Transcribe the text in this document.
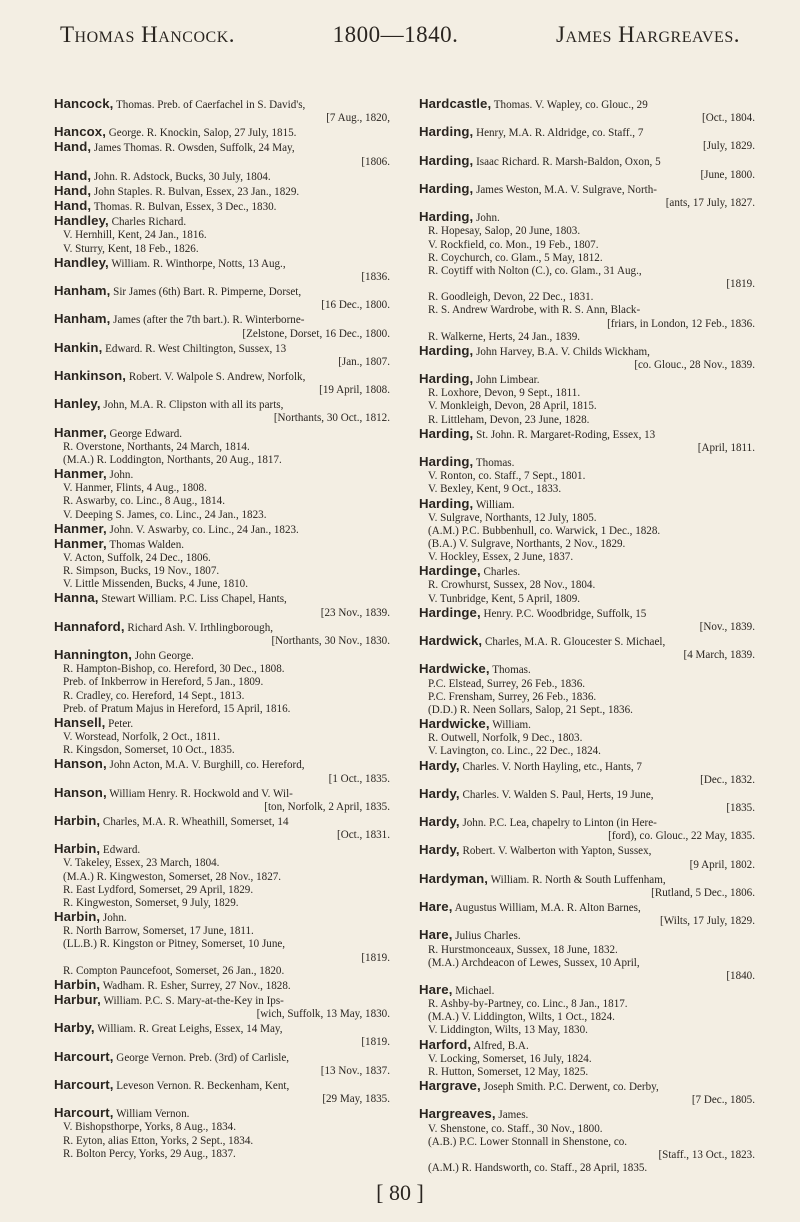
Thomas Hancock.	1800—1840.	James Hargreaves.
Hancock, Thomas. Preb. of Caerfachel in S. David's,
[7 Aug., 1820,
Hancox, George. R. Knockin, Salop, 27 July, 1815.
Hand, James Thomas. R. Owsden, Suffolk, 24 May,
[1806.
Hand, John. R. Adstock, Bucks, 30 July, 1804.
Hand, John Staples. R. Bulvan, Essex, 23 Jan., 1829.
Hand, Thomas. R. Bulvan, Essex, 3 Dec., 1830.
Handley, Charles Richard.
V. Hernhill, Kent, 24 Jan., 1816.
V. Sturry, Kent, 18 Feb., 1826.
Handley, William. R. Winthorpe, Notts, 13 Aug.,
[1836.
Hanham, Sir James (6th) Bart. R. Pimperne, Dorset,
[16 Dec., 1800.
Hanham, James (after the 7th bart.). R. Winterborne-
[Zelstone, Dorset, 16 Dec., 1800.
Hankin, Edward. R. West Chiltington, Sussex, 13
[Jan., 1807.
Hankinson, Robert. V. Walpole S. Andrew, Norfolk,
[19 April, 1808.
Hanley, John, M.A. R. Clipston with all its parts,
[Northants, 30 Oct., 1812.
Hanmer, George Edward.
R. Overstone, Northants, 24 March, 1814.
(M.A.) R. Loddington, Northants, 20 Aug., 1817.
Hanmer, John.
V. Hanmer, Flints, 4 Aug., 1808.
R. Aswarby, co. Linc., 8 Aug., 1814.
V. Deeping S. James, co. Linc., 24 Jan., 1823.
Hanmer, John. V. Aswarby, co. Linc., 24 Jan., 1823.
Hanmer, Thomas Walden.
V. Acton, Suffolk, 24 Dec., 1806.
R. Simpson, Bucks, 19 Nov., 1807.
V. Little Missenden, Bucks, 4 June, 1810.
Hanna, Stewart William. P.C. Liss Chapel, Hants,
[23 Nov., 1839.
Hannaford, Richard Ash. V. Irthlingborough,
[Northants, 30 Nov., 1830.
Hannington, John George.
R. Hampton-Bishop, co. Hereford, 30 Dec., 1808.
Preb. of Inkberrow in Hereford, 5 Jan., 1809.
R. Cradley, co. Hereford, 14 Sept., 1813.
Preb. of Pratum Majus in Hereford, 15 April, 1816.
Hansell, Peter.
V. Worstead, Norfolk, 2 Oct., 1811.
R. Kingsdon, Somerset, 10 Oct., 1835.
Hanson, John Acton, M.A. V. Burghill, co. Hereford,
[1 Oct., 1835.
Hanson, William Henry. R. Hockwold and V. Wil-
[ton, Norfolk, 2 April, 1835.
Harbin, Charles, M.A. R. Wheathill, Somerset, 14
[Oct., 1831.
Harbin, Edward.
V. Takeley, Essex, 23 March, 1804.
(M.A.) R. Kingweston, Somerset, 28 Nov., 1827.
R. East Lydford, Somerset, 29 April, 1829.
R. Kingweston, Somerset, 9 July, 1829.
Harbin, John.
R. North Barrow, Somerset, 17 June, 1811.
(LL.B.) R. Kingston or Pitney, Somerset, 10 June,
[1819.
R. Compton Pauncefoot, Somerset, 26 Jan., 1820.
Harbin, Wadham. R. Esher, Surrey, 27 Nov., 1828.
Harbur, William. P.C. S. Mary-at-the-Key in Ips-
[wich, Suffolk, 13 May, 1830.
Harby, William. R. Great Leighs, Essex, 14 May,
[1819.
Harcourt, George Vernon. Preb. (3rd) of Carlisle,
[13 Nov., 1837.
Harcourt, Leveson Vernon. R. Beckenham, Kent,
[29 May, 1835.
Harcourt, William Vernon.
V. Bishopsthorpe, Yorks, 8 Aug., 1834.
R. Eyton, alias Etton, Yorks, 2 Sept., 1834.
R. Bolton Percy, Yorks, 29 Aug., 1837.
Hardcastle, Thomas. V. Wapley, co. Glouc., 29
[Oct., 1804.
Harding, Henry, M.A. R. Aldridge, co. Staff., 7
[July, 1829.
Harding, Isaac Richard. R. Marsh-Baldon, Oxon, 5
[June, 1800.
Harding, James Weston, M.A. V. Sulgrave, North-
[ants, 17 July, 1827.
Harding, John.
R. Hopesay, Salop, 20 June, 1803.
V. Rockfield, co. Mon., 19 Feb., 1807.
R. Coychurch, co. Glam., 5 May, 1812.
R. Coytiff with Nolton (C.), co. Glam., 31 Aug.,
[1819.
R. Goodleigh, Devon, 22 Dec., 1831.
R. S. Andrew Wardrobe, with R. S. Ann, Black-
[friars, in London, 12 Feb., 1836.
R. Walkerne, Herts, 24 Jan., 1839.
Harding, John Harvey, B.A. V. Childs Wickham,
[co. Glouc., 28 Nov., 1839.
Harding, John Limbear.
R. Loxhore, Devon, 9 Sept., 1811.
V. Monkleigh, Devon, 28 April, 1815.
R. Littleham, Devon, 23 June, 1828.
Harding, St. John. R. Margaret-Roding, Essex, 13
[April, 1811.
Harding, Thomas.
V. Ronton, co. Staff., 7 Sept., 1801.
V. Bexley, Kent, 9 Oct., 1833.
Harding, William.
V. Sulgrave, Northants, 12 July, 1805.
(A.M.) P.C. Bubbenhull, co. Warwick, 1 Dec., 1828.
(B.A.) V. Sulgrave, Northants, 2 Nov., 1829.
V. Hockley, Essex, 2 June, 1837.
Hardinge, Charles.
R. Crowhurst, Sussex, 28 Nov., 1804.
V. Tunbridge, Kent, 5 April, 1809.
Hardinge, Henry. P.C. Woodbridge, Suffolk, 15
[Nov., 1839.
Hardwick, Charles, M.A. R. Gloucester S. Michael,
[4 March, 1839.
Hardwicke, Thomas.
P.C. Elstead, Surrey, 26 Feb., 1836.
P.C. Frensham, Surrey, 26 Feb., 1836.
(D.D.) R. Neen Sollars, Salop, 21 Sept., 1836.
Hardwicke, William.
R. Outwell, Norfolk, 9 Dec., 1803.
V. Lavington, co. Linc., 22 Dec., 1824.
Hardy, Charles. V. North Hayling, etc., Hants, 7
[Dec., 1832.
Hardy, Charles. V. Walden S. Paul, Herts, 19 June,
[1835.
Hardy, John. P.C. Lea, chapelry to Linton (in Here-
[ford), co. Glouc., 22 May, 1835.
Hardy, Robert. V. Walberton with Yapton, Sussex,
[9 April, 1802.
Hardyman, William. R. North & South Luffenham,
[Rutland, 5 Dec., 1806.
Hare, Augustus William, M.A. R. Alton Barnes,
[Wilts, 17 July, 1829.
Hare, Julius Charles.
R. Hurstmonceaux, Sussex, 18 June, 1832.
(M.A.) Archdeacon of Lewes, Sussex, 10 April,
[1840.
Hare, Michael.
R. Ashby-by-Partney, co. Linc., 8 Jan., 1817.
(M.A.) V. Liddington, Wilts, 1 Oct., 1824.
V. Liddington, Wilts, 13 May, 1830.
Harford, Alfred, B.A.
V. Locking, Somerset, 16 July, 1824.
R. Hutton, Somerset, 12 May, 1825.
Hargrave, Joseph Smith. P.C. Derwent, co. Derby,
[7 Dec., 1805.
Hargreaves, James.
V. Shenstone, co. Staff., 30 Nov., 1800.
(A.B.) P.C. Lower Stonnall in Shenstone, co.
[Staff., 13 Oct., 1823.
(A.M.) R. Handsworth, co. Staff., 28 April, 1835.
[ 80 ]
